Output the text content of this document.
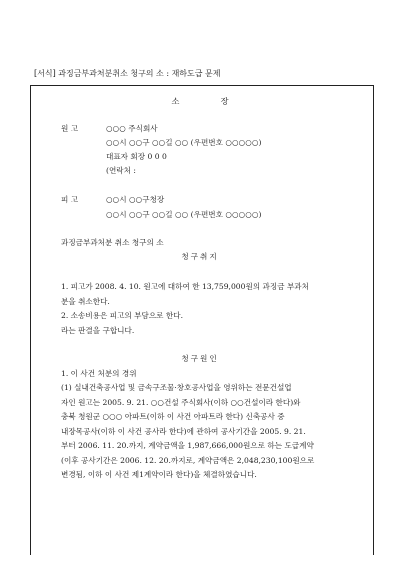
[서식] 과징금부과처분취소 청구의 소 : 재하도급 문제
소	장
원 고	○○○ 주식회사
○○시 ○○구 ○○길 ○○ (우편번호 ○○○○○)
대표자 회장 0 0 0
(연락처 :
피 고	○○시 ○○구청장
○○시 ○○구 ○○길 ○○ (우편번호 ○○○○○)
과징금부과처분 취소 청구의 소
청구취지
1. 피고가 2008. 4. 10. 원고에 대하여 한 13,759,000원의 과징금 부과처
분을 취소한다.
2. 소송비용은 피고의 부담으로 한다.
라는 판결을 구합니다.
청구원인
1. 이 사건 처분의 경위
(1) 실내건축공사업 및 금속구조물·창호공사업을 영위하는 전문건설업
자인 원고는 2005. 9. 21. ○○건설 주식회사(이하 ○○건설이라 한다)와
충북 청원군 ○○○ 아파트(이하 이 사건 아파트라 한다) 신축공사 중
내장목공사(이하 이 사건 공사라 한다)에 관하여 공사기간을 2005. 9. 21.
부터 2006. 11. 20.까지, 계약금액을 1,987,666,000원으로 하는 도급계약
(이후 공사기간은 2006. 12. 20.까지로, 계약금액은 2,048,230,100원으로
변경됨, 이하 이 사건 제1계약이라 한다)을 체결하였습니다.
